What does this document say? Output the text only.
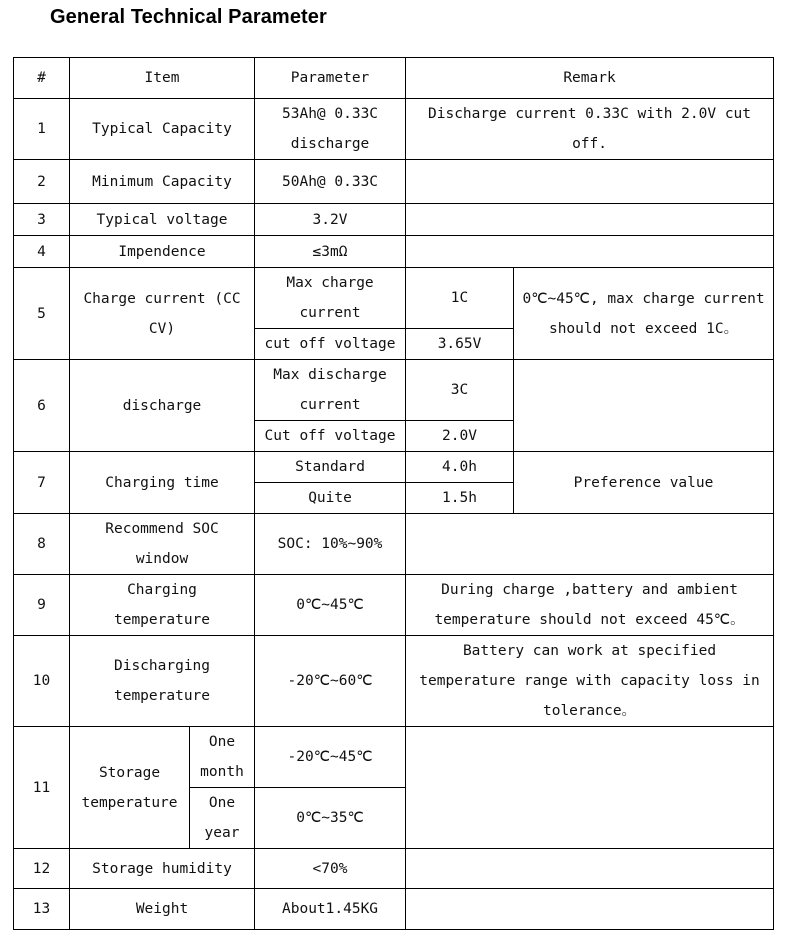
General Technical Parameter
#	Item		Parameter	Remark	
1	Typical Capacity		53Ah@ 0.33C discharge	Discharge current 0.33C with 2.0V cut off.	
2	Minimum Capacity		50Ah@ 0.33C		
3	Typical voltage		3.2V		
4	Impendence		≤3mΩ		
5	Charge current (CC CV)		Max charge current	1C	0℃~45℃, max charge current should not exceed 1C。
			cut off voltage	3.65V	
6	discharge		Max discharge current	3C	
			Cut off voltage	2.0V	
7	Charging time		Standard	4.0h	Preference value
			Quite	1.5h	
8	Recommend SOC window		SOC: 10%~90%		
9	Charging temperature		0℃~45℃	During charge ,battery and ambient temperature should not exceed 45℃。	
10	Discharging temperature		-20℃~60℃	Battery can work at specified temperature range with capacity loss in tolerance。	
11	Storage temperature	One month	-20℃~45℃		
		One year	0℃~35℃		
12	Storage humidity		<70%		
13	Weight		About1.45KG		
